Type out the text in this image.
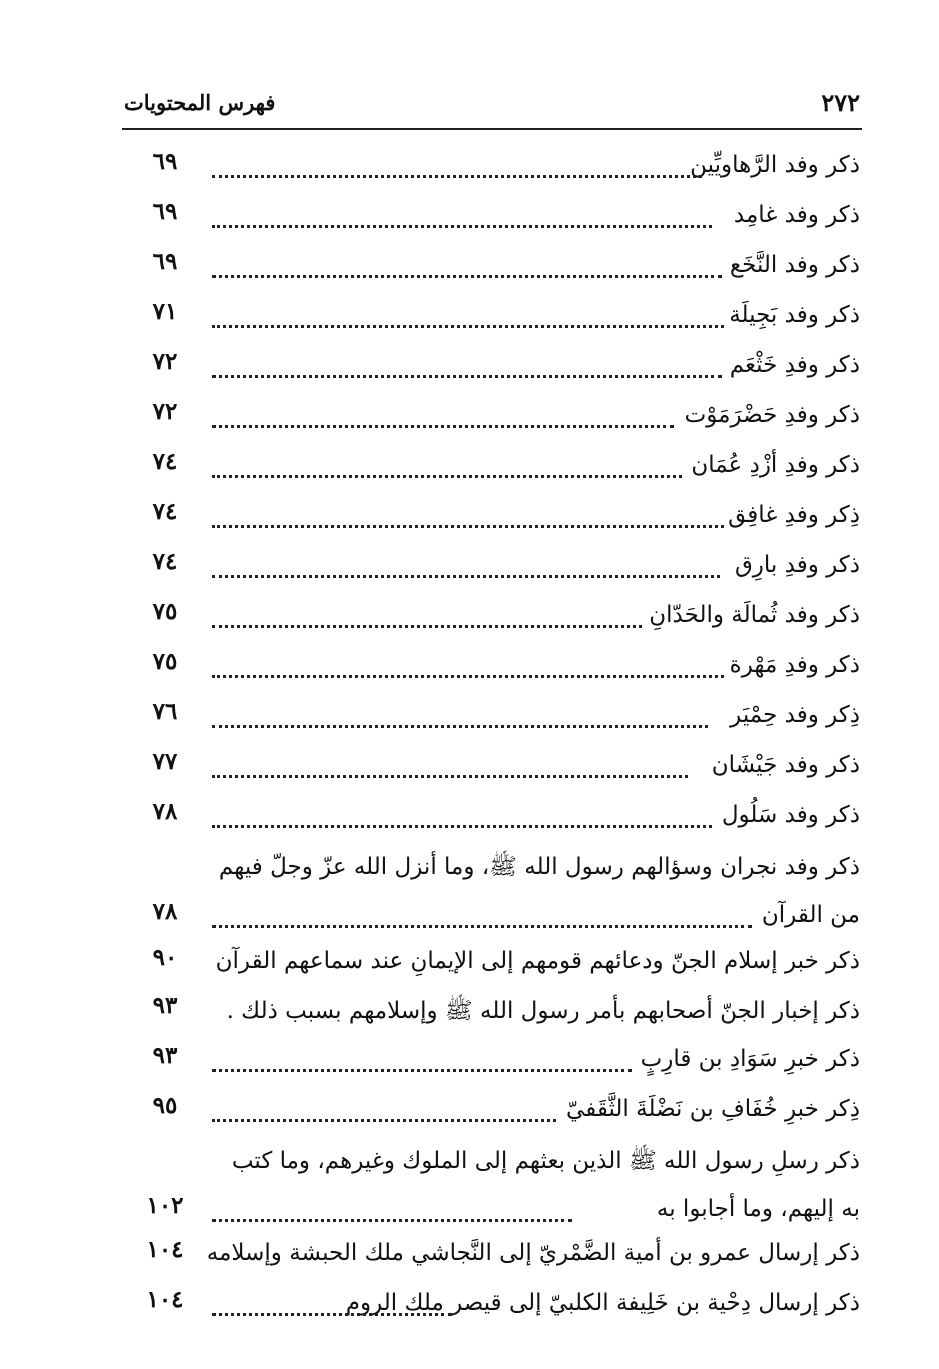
٢٧٢
فهرس المحتويات
ذكر وفد الرَّهاويِّين
٦٩
ذكر وفد غامِد
٦٩
ذكر وفد النَّخَع
٦٩
ذكر وفد بَجِيلَة
٧١
ذكر وفدِ خَثْعَم
٧٢
ذكر وفدِ حَضْرَمَوْت
٧٢
ذكر وفدِ أزْدِ عُمَان
٧٤
ذِكر وفدِ غافِق
٧٤
ذكر وفدِ بارِق
٧٤
ذكر وفد ثُمالَة والحَدّانِ
٧٥
ذكر وفدِ مَهْرة
٧٥
ذِكر وفد حِمْيَر
٧٦
ذكر وفد جَيْشَان
٧٧
ذكر وفد سَلُول
٧٨
ذكر وفد نجران وسؤالهم رسول الله ﷺ، وما أنزل الله عزّ وجلّ فيهم
من القرآن
٧٨
ذكر خبر إسلام الجنّ ودعائهم قومهم إلى الإيمانِ عند سماعهم القرآن
٩٠
ذكر إخبار الجنّ أصحابهم بأمر رسول الله ﷺ وإسلامهم بسبب ذلك .
٩٣
ذكر خبرِ سَوَادِ بن قارِبٍ
٩٣
ذِكر خبرِ خُفَافِ بن نَضْلَةَ الثَّقَفيّ
٩٥
ذكر رسلِ رسول الله ﷺ الذين بعثهم إلى الملوك وغيرهم، وما كتب
به إليهم، وما أجابوا به
١٠٢
ذكر إرسال عمرو بن أمية الضَّمْريّ إلى النَّجاشي ملك الحبشة وإسلامه
١٠٤
ذكر إرسال دِحْية بن خَلِيفة الكلبيّ إلى قيصر ملك الروم
١٠٤
